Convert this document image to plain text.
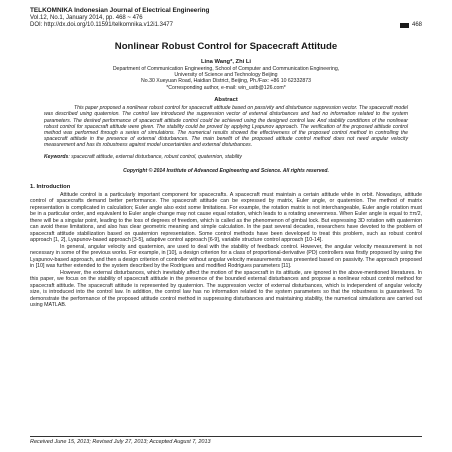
TELKOMNIKA Indonesian Journal of Electrical Engineering
Vol.12, No.1, January 2014, pp. 468 ~ 476
DOI: http://dx.doi.org/10.11591/telkomnika.v12i1.3477	468
Nonlinear Robust Control for Spacecraft Attitude
Lina Wang*, Zhi Li
Department of Communication Engineering, School of Computer and Communication Engineering,
University of Science and Technology Beijing
No.30 Xueyuan Road, Haidian District, Beijing, Ph./Fax: +86 10 62332873
*Corresponding author, e-mail: win_ustb@126.com*
Abstract
This paper proposed a nonlinear robust control for spacecraft attitude based on passivity and disturbance suppression vector. The spacecraft model was described using quaternion. The control law introduced the suppression vector of external disturbances and had no information related to the system parameters. The desired performance of spacecraft attitude control could be achieved using the designed control law. And stability conditions of the nonlinear robust control for spacecraft attitude were given. The stability could be proved by applying Lyapunov approach. The verification of the proposed attitude control method was performed through a series of simulations. The numerical results showed the effectiveness of the proposed control method in controlling the spacecraft attitude in the presence of external disturbances. The main benefit of the proposed attitude control method does not need angular velocity measurement and has its robustness against model uncertainties and external disturbances.
Keywords: spacecraft attitude, external disturbance, robust control, quaternion, stability
Copyright © 2014 Institute of Advanced Engineering and Science. All rights reserved.
1. Introduction

Attitude control is a particularly important component for spacecrafts. A spacecraft must maintain a certain attitude while in orbit. Nowadays, attitude control of spacecrafts demand better performance. The spacecraft attitude can be expressed by matrix, Euler angle, or quaternion. The method of matrix representation is complicated in calculation; Euler angle also exist some limitations. For example, the rotation matrix is not interchangeable, Euler angle rotation must be in a particular order, and equivalent to Euler angle change may not cause equal rotation, which leads to a rotating unevenness. When Euler angle is equal to ±π/2, there will be a singular point, leading to the loss of degrees of freedom, which is called as the phenomenon of gimbal lock. But expressing 3D rotation with quaternion can avoid these limitations, and also has clear geometric meaning and simple calculation. In the past several decades, researchers have devoted to the problem of spacecraft attitude stabilization based on quaternion representation. Some control methods have been developed to treat this problem, such as robust control approach [1, 2], Lyapunov-based approach [3-5], adaptive control approach [6-9], variable structure control approach [10-14].

In general, angular velocity and quaternion, are used to deal with the stability of feedback control. However, the angular velocity measurement is not necessary in some of the previous works. For example, in [10], a design criterion for a class of proportional-derivative (PD) controllers was firstly proposed by using the Lyapunov-based approach, and then a design criterion of controller without angular velocity measurements was presented based on passivity. The approach proposed in [10] was further extended to the system described by the Rodrigues and modified Rodrigues parameters [11].

However, the external disturbances, which inevitably affect the motion of the spacecraft in its attitude, are ignored in the above-mentioned literatures. In this paper, we focus on the stability of spacecraft attitude in the presence of the bounded external disturbances and propose a nonlinear robust control method for spacecraft attitude. The spacecraft attitude is represented by quaternion. The suppression vector of external disturbances, which is independent of angular velocity size, is introduced into the control law. In addition, the control law has no information related to the system parameters so that the robustness is guaranteed. To demonstrate the performance of the proposed attitude control method in suppressing disturbances and maintaining stability, the numerical simulations are carried out using MATLAB.

Received June 15, 2013; Revised July 27, 2013; Accepted August 7, 2013
